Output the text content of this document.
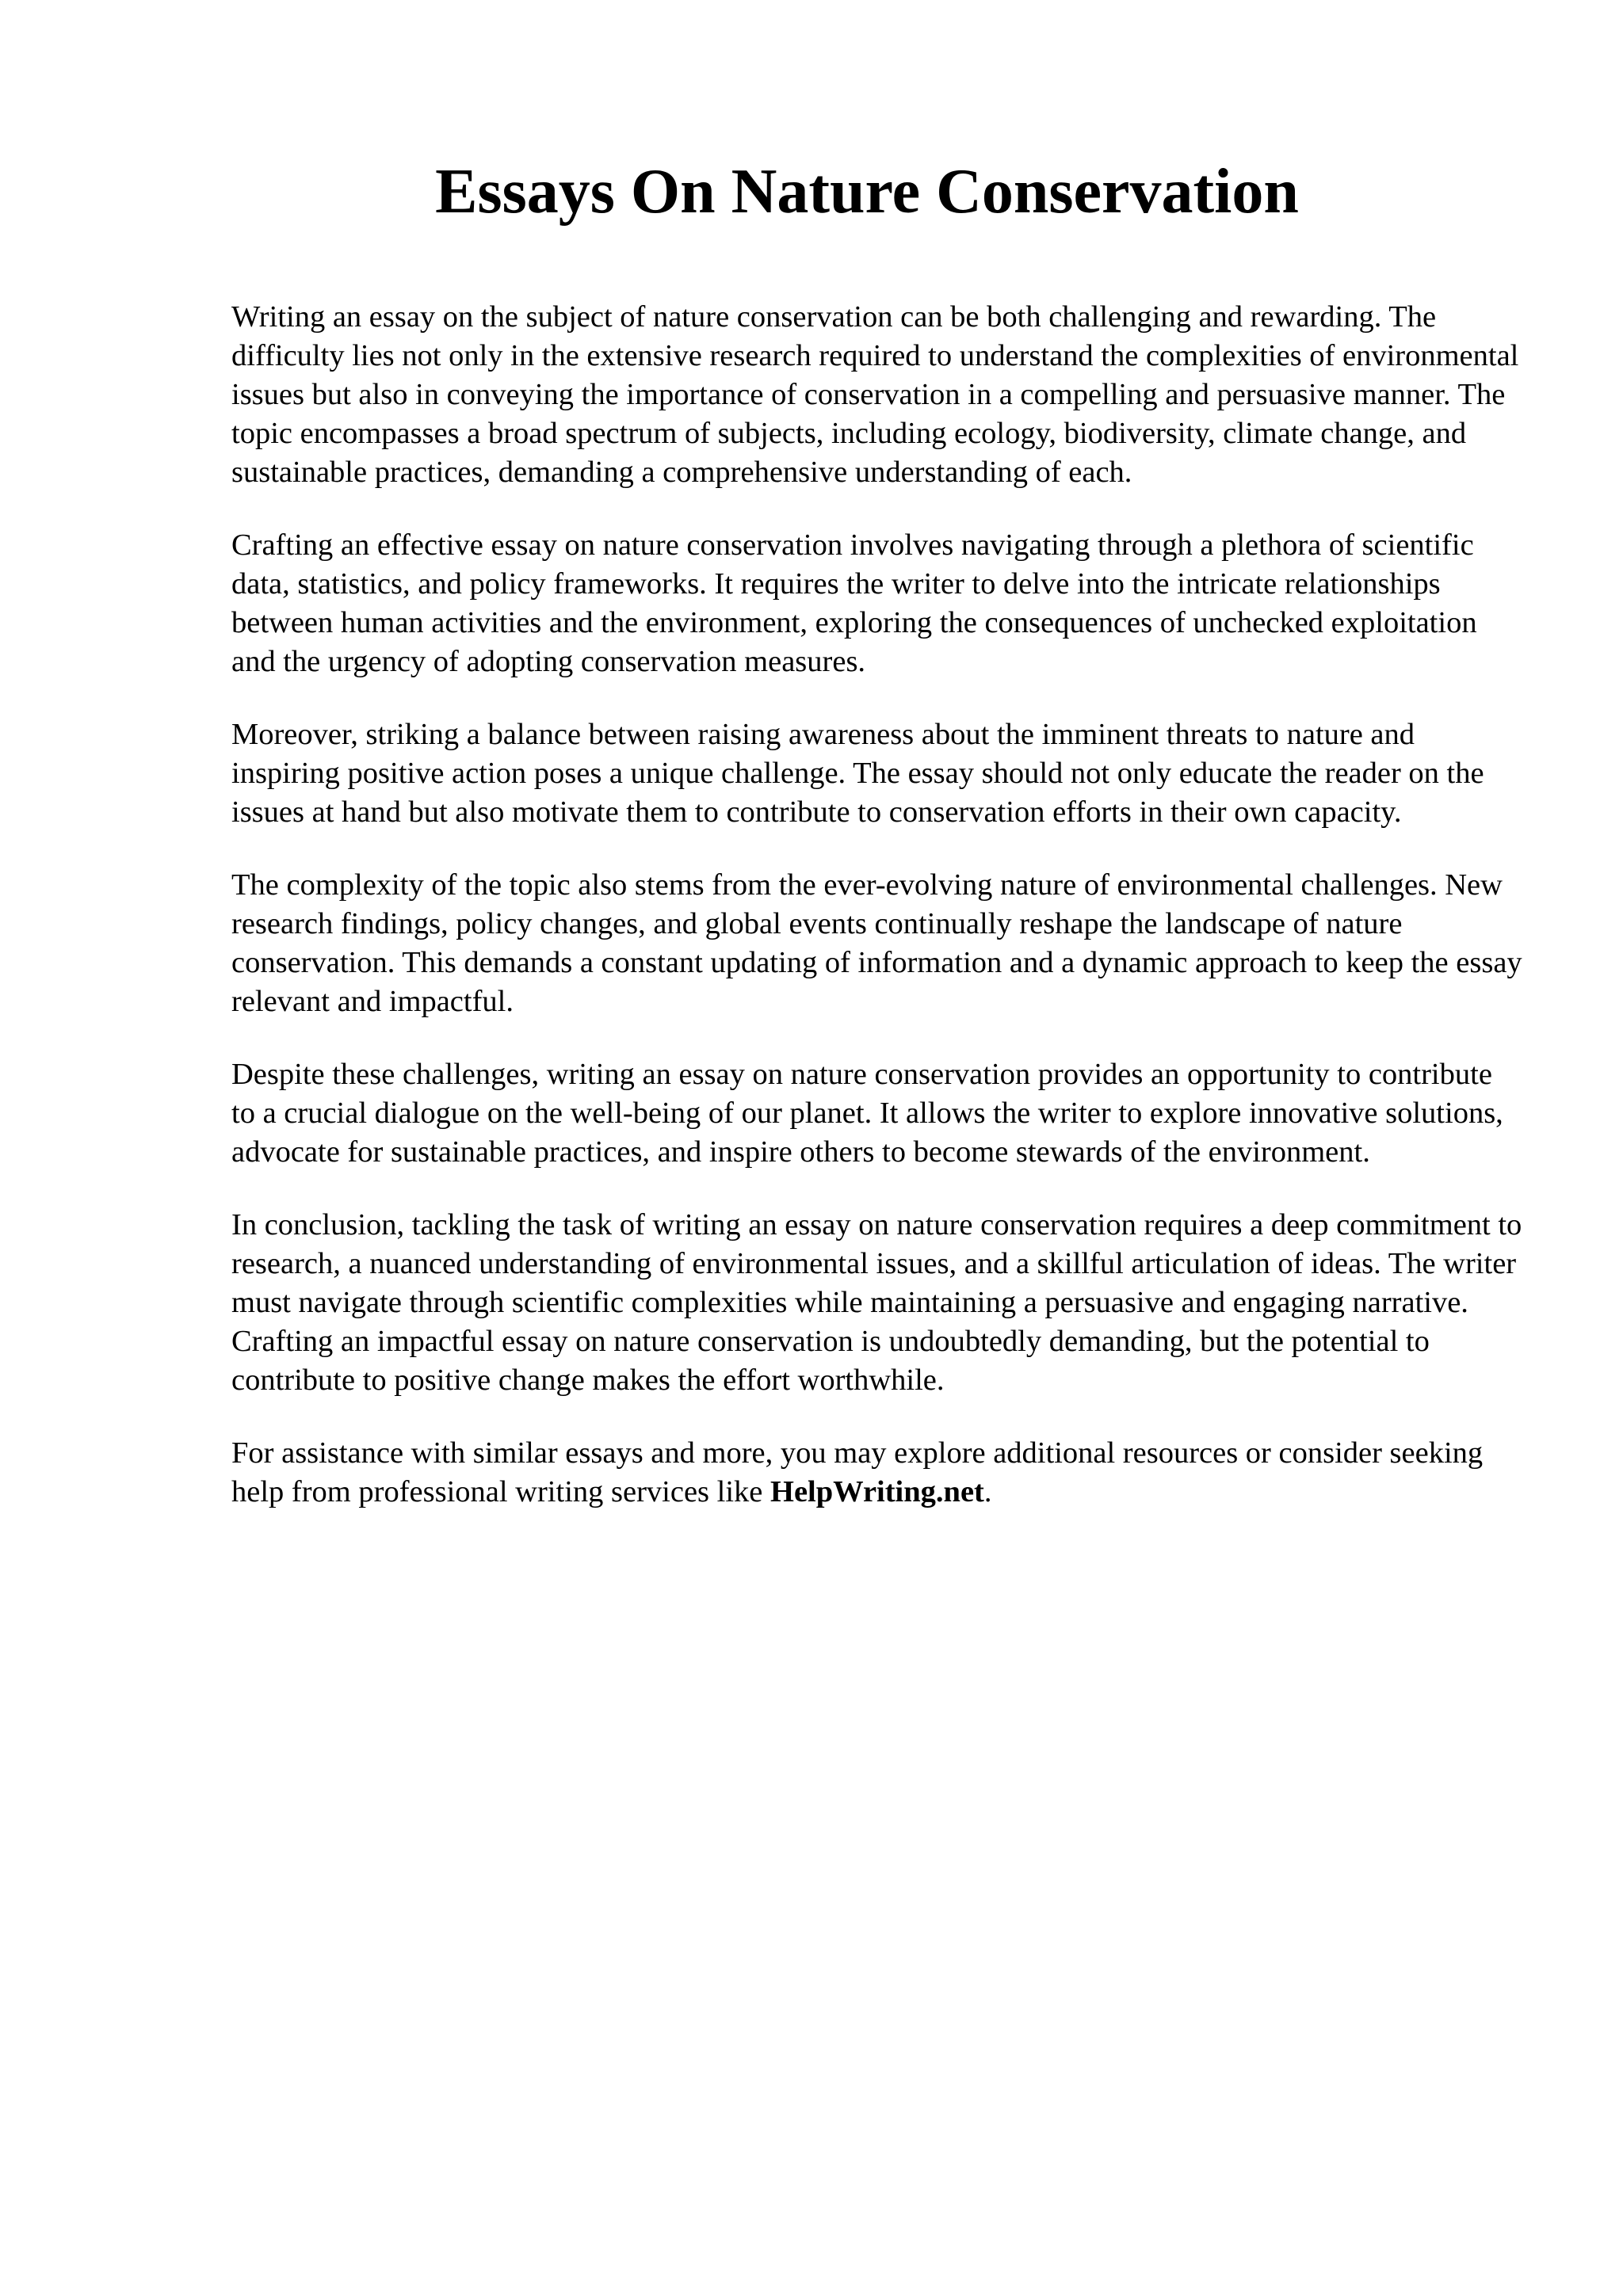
Essays On Nature Conservation

Writing an essay on the subject of nature conservation can be both challenging and rewarding. The difficulty lies not only in the extensive research required to understand the complexities of environmental issues but also in conveying the importance of conservation in a compelling and persuasive manner. The topic encompasses a broad spectrum of subjects, including ecology, biodiversity, climate change, and sustainable practices, demanding a comprehensive understanding of each.

Crafting an effective essay on nature conservation involves navigating through a plethora of scientific data, statistics, and policy frameworks. It requires the writer to delve into the intricate relationships between human activities and the environment, exploring the consequences of unchecked exploitation and the urgency of adopting conservation measures.

Moreover, striking a balance between raising awareness about the imminent threats to nature and inspiring positive action poses a unique challenge. The essay should not only educate the reader on the issues at hand but also motivate them to contribute to conservation efforts in their own capacity.

The complexity of the topic also stems from the ever-evolving nature of environmental challenges. New research findings, policy changes, and global events continually reshape the landscape of nature conservation. This demands a constant updating of information and a dynamic approach to keep the essay relevant and impactful.

Despite these challenges, writing an essay on nature conservation provides an opportunity to contribute to a crucial dialogue on the well-being of our planet. It allows the writer to explore innovative solutions, advocate for sustainable practices, and inspire others to become stewards of the environment.

In conclusion, tackling the task of writing an essay on nature conservation requires a deep commitment to research, a nuanced understanding of environmental issues, and a skillful articulation of ideas. The writer must navigate through scientific complexities while maintaining a persuasive and engaging narrative. Crafting an impactful essay on nature conservation is undoubtedly demanding, but the potential to contribute to positive change makes the effort worthwhile.

For assistance with similar essays and more, you may explore additional resources or consider seeking help from professional writing services like HelpWriting.net.
